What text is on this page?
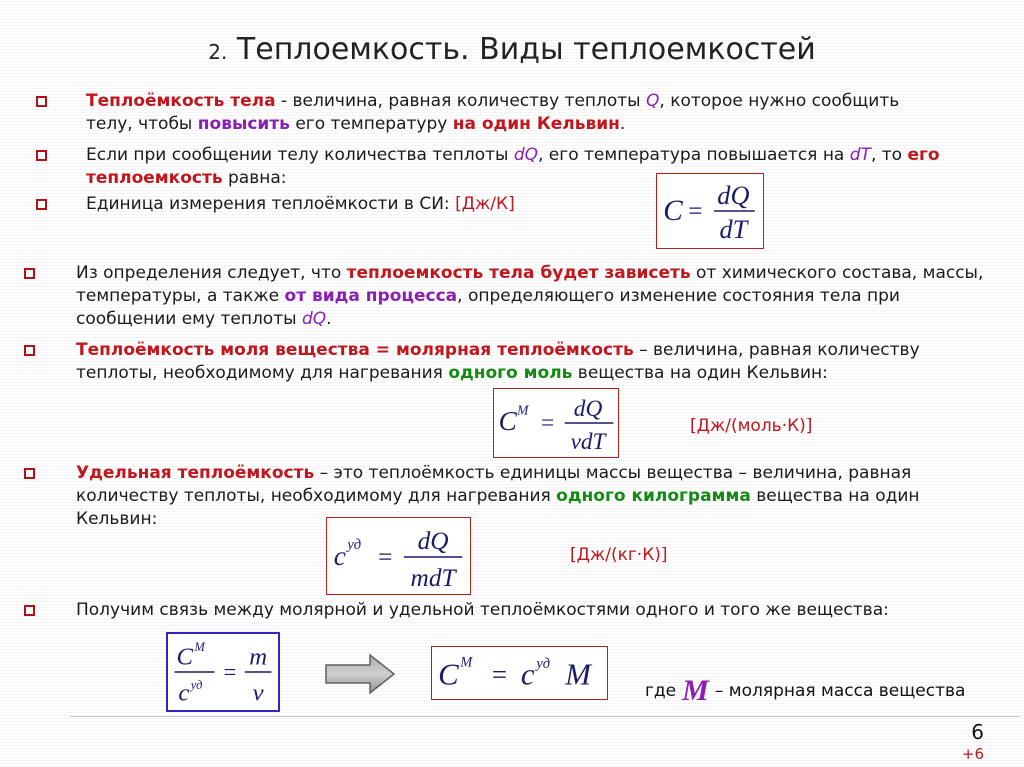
2. Теплоемкость. Виды теплоемкостей
Теплоёмкость тела - величина, равная количеству теплоты Q, которое нужно сообщить телу, чтобы повысить его температуру на один Кельвин.
Если при сообщении телу количества теплоты dQ, его температура повышается на dT, то его теплоемкость равна:
Единица измерения теплоёмкости в СИ: [Дж/К]	C =
dQ
dT
Из определения следует, что теплоемкость тела будет зависеть от химического состава, массы, температуры, а также от вида процесса, определяющего изменение состояния тела при сообщении ему теплоты dQ.
Теплоёмкость моля вещества = молярная теплоёмкость – величина, равная количеству теплоты, необходимому для нагревания одного моль вещества на один Кельвин:
C M
=
dQ
νdT
[Дж/(моль·К)]
Удельная теплоёмкость – это теплоёмкость единицы массы вещества – величина, равная количеству теплоты, необходимому для нагревания одного килограмма вещества на один Кельвин:
c уд =
dQ
mdT
[Дж/(кг·К)]
Получим связь между молярной и удельной теплоёмкостями одного и того же вещества:
C M
c уд
=
m
ν
C M = c уд M	где M – молярная масса вещества
6
+6
